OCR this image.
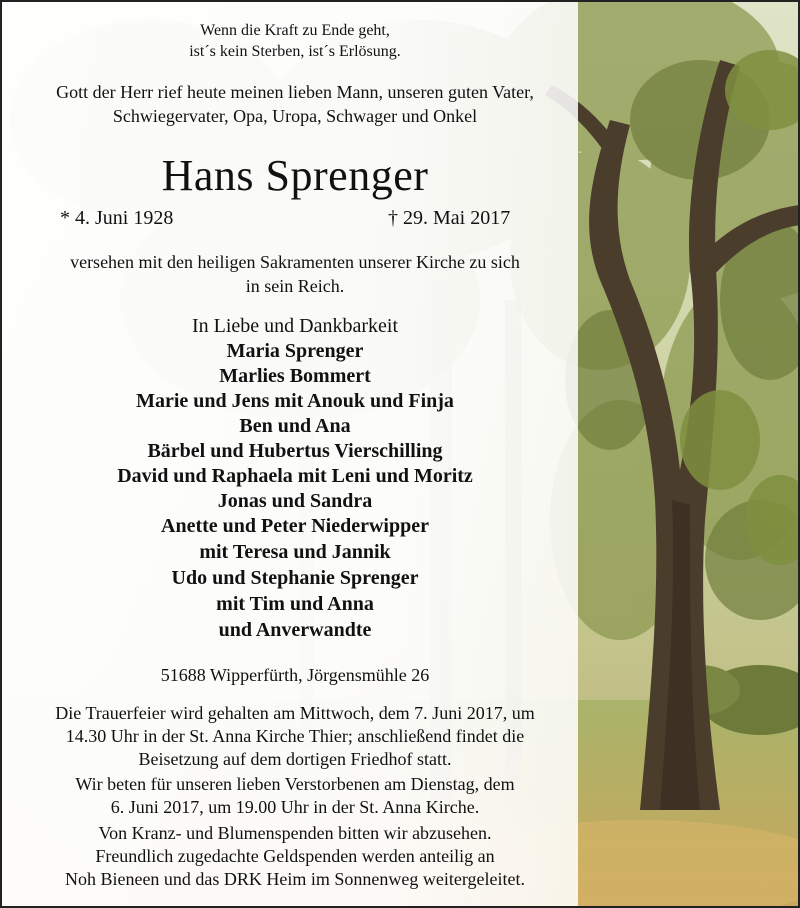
Wenn die Kraft zu Ende geht,
ist´s kein Sterben, ist´s Erlösung.
Gott der Herr rief heute meinen lieben Mann, unseren guten Vater,
Schwiegervater, Opa, Uropa, Schwager und Onkel
Hans Sprenger
* 4. Juni 1928	† 29. Mai 2017
versehen mit den heiligen Sakramenten unserer Kirche zu sich
in sein Reich.
In Liebe und Dankbarkeit
Maria Sprenger
Marlies Bommert
Marie und Jens mit Anouk und Finja
Ben und Ana
Bärbel und Hubertus Vierschilling
David und Raphaela mit Leni und Moritz
Jonas und Sandra
Anette und Peter Niederwipper
mit Teresa und Jannik
Udo und Stephanie Sprenger
mit Tim und Anna
und Anverwandte
51688 Wipperfürth, Jörgensmühle 26
Die Trauerfeier wird gehalten am Mittwoch, dem 7. Juni 2017, um
14.30 Uhr in der St. Anna Kirche Thier; anschließend findet die
Beisetzung auf dem dortigen Friedhof statt.
Wir beten für unseren lieben Verstorbenen am Dienstag, dem
6. Juni 2017, um 19.00 Uhr in der St. Anna Kirche.
Von Kranz- und Blumenspenden bitten wir abzusehen.
Freundlich zugedachte Geldspenden werden anteilig an
Noh Bieneen und das DRK Heim im Sonnenweg weitergeleitet.
